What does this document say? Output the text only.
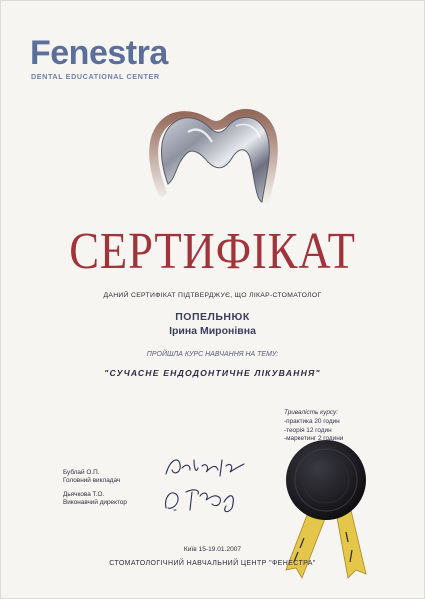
Fenestra
DENTAL EDUCATIONAL CENTER
СЕРТИФІКАТ
ДАНИЙ СЕРТИФІКАТ ПІДТВЕРДЖУЄ, ЩО ЛІКАР-СТОМАТОЛОГ
ПОПЕЛЬНЮК
Ірина Миронівна
ПРОЙШЛА КУРС НАВЧАННЯ НА ТЕМУ:
"СУЧАСНЕ ЕНДОДОНТИЧНЕ ЛІКУВАННЯ"
Тривалість курсу:
-практика 20 годин
-теорія 12 годин
-маркетинг 2 години
Бублай О.П.
Головний викладач
Дьячкова Т.О.
Виконавчий директор
Київ 15-19.01.2007
СТОМАТОЛОГІЧНИЙ НАВЧАЛЬНИЙ ЦЕНТР "ФЕНЕСТРА"
